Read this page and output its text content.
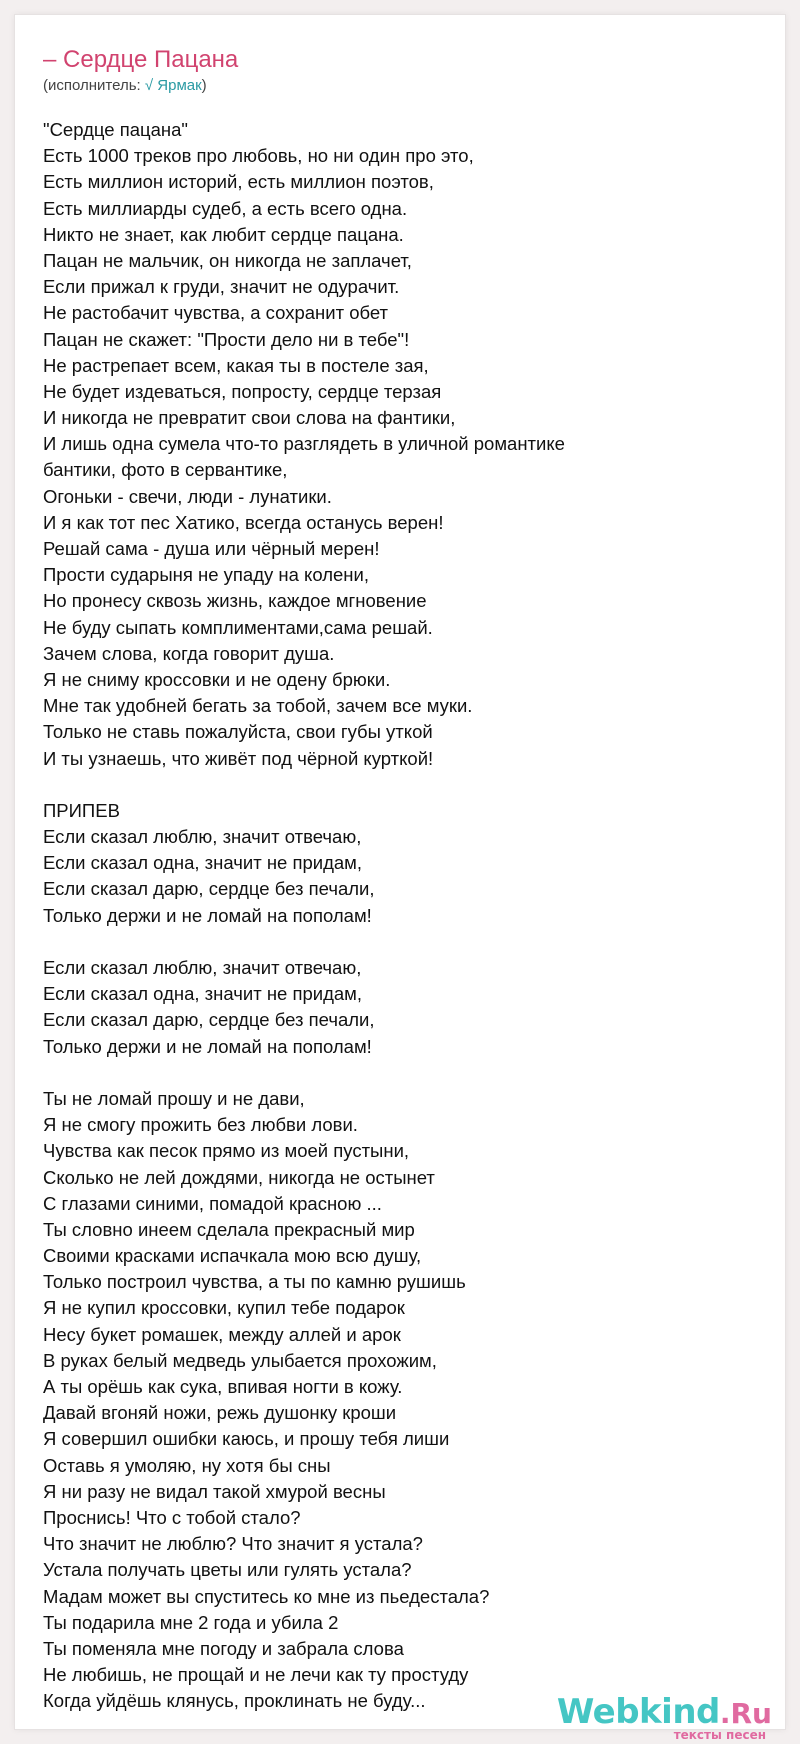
– Сердце Пацана
(исполнитель: √ Ярмак)
"Сердце пацана"
Есть 1000 треков про любовь, но ни один про это,
Есть миллион историй, есть миллион поэтов,
Есть миллиарды судеб, а есть всего одна.
Никто не знает, как любит сердце пацана.
Пацан не мальчик, он никогда не заплачет,
Если прижал к груди, значит не одурачит.
Не растобачит чувства, а сохранит обет
Пацан не скажет: "Прости дело ни в тебе"!
Не растрепает всем, какая ты в постеле зая,
Не будет издеваться, попросту, сердце терзая
И никогда не превратит свои слова на фантики,
И лишь одна сумела что-то разглядеть в уличной романтике
бантики, фото в сервантике,
Огоньки - свечи, люди - лунатики.
И я как тот пес Хатико, всегда останусь верен!
Решай сама - душа или чёрный мерен!
Прости сударыня не упаду на колени,
Но пронесу сквозь жизнь, каждое мгновение
Не буду сыпать комплиментами,сама решай.
Зачем слова, когда говорит душа.
Я не сниму кроссовки и не одену брюки.
Мне так удобней бегать за тобой, зачем все муки.
Только не ставь пожалуйста, свои губы уткой
И ты узнаешь, что живёт под чёрной курткой!
ПРИПЕВ
Если сказал люблю, значит отвечаю,
Если сказал одна, значит не придам,
Если сказал дарю, сердце без печали,
Только держи и не ломай на пополам!
Если сказал люблю, значит отвечаю,
Если сказал одна, значит не придам,
Если сказал дарю, сердце без печали,
Только держи и не ломай на пополам!
Ты не ломай прошу и не дави,
Я не смогу прожить без любви лови.
Чувства как песок прямо из моей пустыни,
Сколько не лей дождями, никогда не остынет
С глазами синими, помадой красною ...
Ты словно инеем сделала прекрасный мир
Своими красками испачкала мою всю душу,
Только построил чувства, а ты по камню рушишь
Я не купил кроссовки, купил тебе подарок
Несу букет ромашек, между аллей и арок
В руках белый медведь улыбается прохожим,
А ты орёшь как сука, впивая ногти в кожу.
Давай вгоняй ножи, режь душонку кроши
Я совершил ошибки каюсь, и прошу тебя лиши
Оставь я умоляю, ну хотя бы сны
Я ни разу не видал такой хмурой весны
Проснись! Что с тобой стало?
Что значит не люблю? Что значит я устала?
Устала получать цветы или гулять устала?
Мадам может вы спуститесь ко мне из пьедестала?
Ты подарила мне 2 года и убила 2
Ты поменяла мне погоду и забрала слова
Не любишь, не прощай и не лечи как ту простуду
Когда уйдёшь клянусь, проклинать не буду...	Webkind.Ru
тексты песен
